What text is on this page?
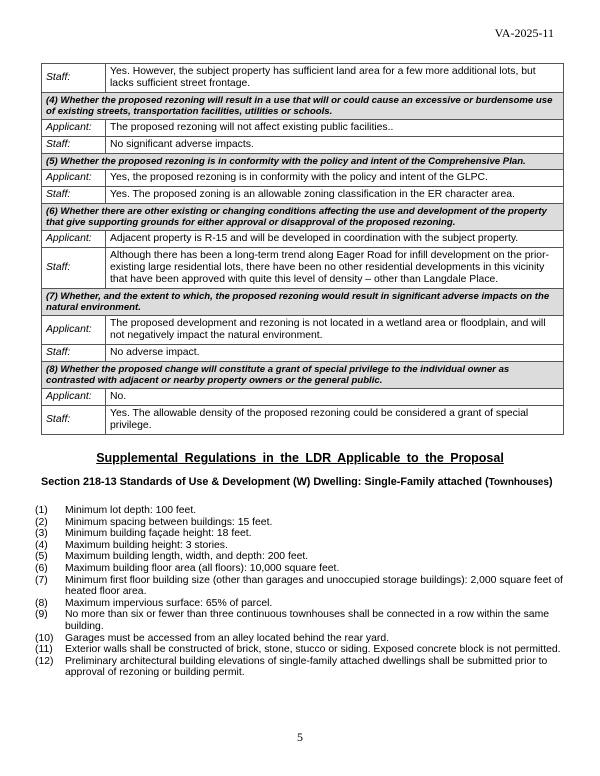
VA-2025-11
Staff:	Yes. However, the subject property has sufficient land area for a few more additional lots, but lacks sufficient street frontage.
(4) Whether the proposed rezoning will result in a use that will or could cause an excessive or burdensome use of existing streets, transportation facilities, utilities or schools.	
Applicant:	The proposed rezoning will not affect existing public facilities..
Staff:	No significant adverse impacts.
(5) Whether the proposed rezoning is in conformity with the policy and intent of the Comprehensive Plan.	
Applicant:	Yes, the proposed rezoning is in conformity with the policy and intent of the GLPC.
Staff:	Yes. The proposed zoning is an allowable zoning classification in the ER character area.
(6) Whether there are other existing or changing conditions affecting the use and development of the property that give supporting grounds for either approval or disapproval of the proposed rezoning.	
Applicant:	Adjacent property is R-15 and will be developed in coordination with the subject property.
Staff:	Although there has been a long-term trend along Eager Road for infill development on the prior-existing large residential lots, there have been no other residential developments in this vicinity that have been approved with quite this level of density – other than Langdale Place.
(7) Whether, and the extent to which, the proposed rezoning would result in significant adverse impacts on the natural environment.	
Applicant:	The proposed development and rezoning is not located in a wetland area or floodplain, and will not negatively impact the natural environment.
Staff:	No adverse impact.
(8) Whether the proposed change will constitute a grant of special privilege to the individual owner as contrasted with adjacent or nearby property owners or the general public.	
Applicant:	No.
Staff:	Yes. The allowable density of the proposed rezoning could be considered a grant of special privilege.
Supplemental Regulations in the LDR Applicable to the Proposal
Section 218-13 Standards of Use & Development (W) Dwelling: Single-Family attached (Townhouses)
(1)	Minimum lot depth: 100 feet.
(2)	Minimum spacing between buildings: 15 feet.
(3)	Minimum building façade height: 18 feet.
(4)	Maximum building height: 3 stories.
(5)	Maximum building length, width, and depth: 200 feet.
(6)	Maximum building floor area (all floors): 10,000 square feet.
(7)	Minimum first floor building size (other than garages and unoccupied storage buildings): 2,000 square feet of heated floor area.
(8)	Maximum impervious surface: 65% of parcel.
(9)	No more than six or fewer than three continuous townhouses shall be connected in a row within the same building.
(10)	Garages must be accessed from an alley located behind the rear yard.
(11)	Exterior walls shall be constructed of brick, stone, stucco or siding. Exposed concrete block is not permitted.
(12)	Preliminary architectural building elevations of single-family attached dwellings shall be submitted prior to approval of rezoning or building permit.
5
